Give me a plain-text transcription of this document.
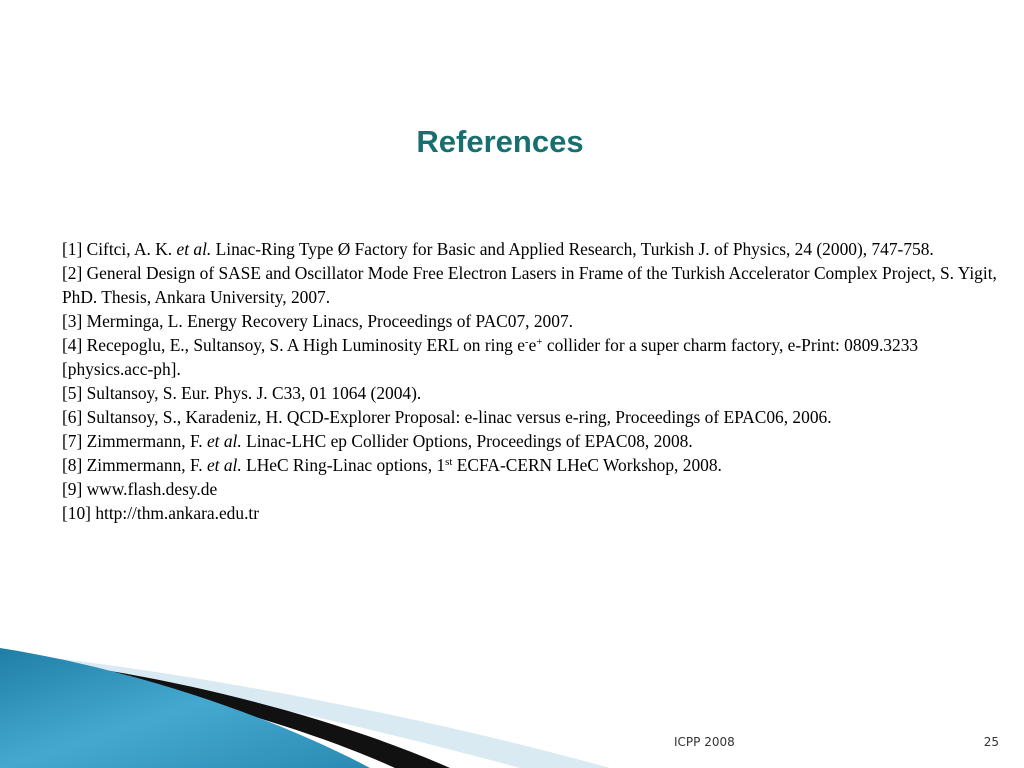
References
[1] Ciftci, A. K. et al. Linac-Ring Type Ø Factory for Basic and Applied Research, Turkish J. of Physics, 24 (2000), 747-758.
[2] General Design of SASE and Oscillator Mode Free Electron Lasers in Frame of the Turkish Accelerator Complex Project, S. Yigit, PhD. Thesis, Ankara University, 2007.
[3] Merminga, L. Energy Recovery Linacs, Proceedings of PAC07, 2007.
[4] Recepoglu, E., Sultansoy, S. A High Luminosity ERL on ring e-e+ collider for a super charm factory, e-Print: 0809.3233 [physics.acc-ph].
[5] Sultansoy, S. Eur. Phys. J. C33, 01 1064 (2004).
[6] Sultansoy, S., Karadeniz, H. QCD-Explorer Proposal: e-linac versus e-ring, Proceedings of EPAC06, 2006.
[7] Zimmermann, F. et al. Linac-LHC ep Collider Options, Proceedings of EPAC08, 2008.
[8] Zimmermann, F. et al. LHeC Ring-Linac options, 1st ECFA-CERN LHeC Workshop, 2008.
[9] www.flash.desy.de
[10] http://thm.ankara.edu.tr
ICPP 2008	25
